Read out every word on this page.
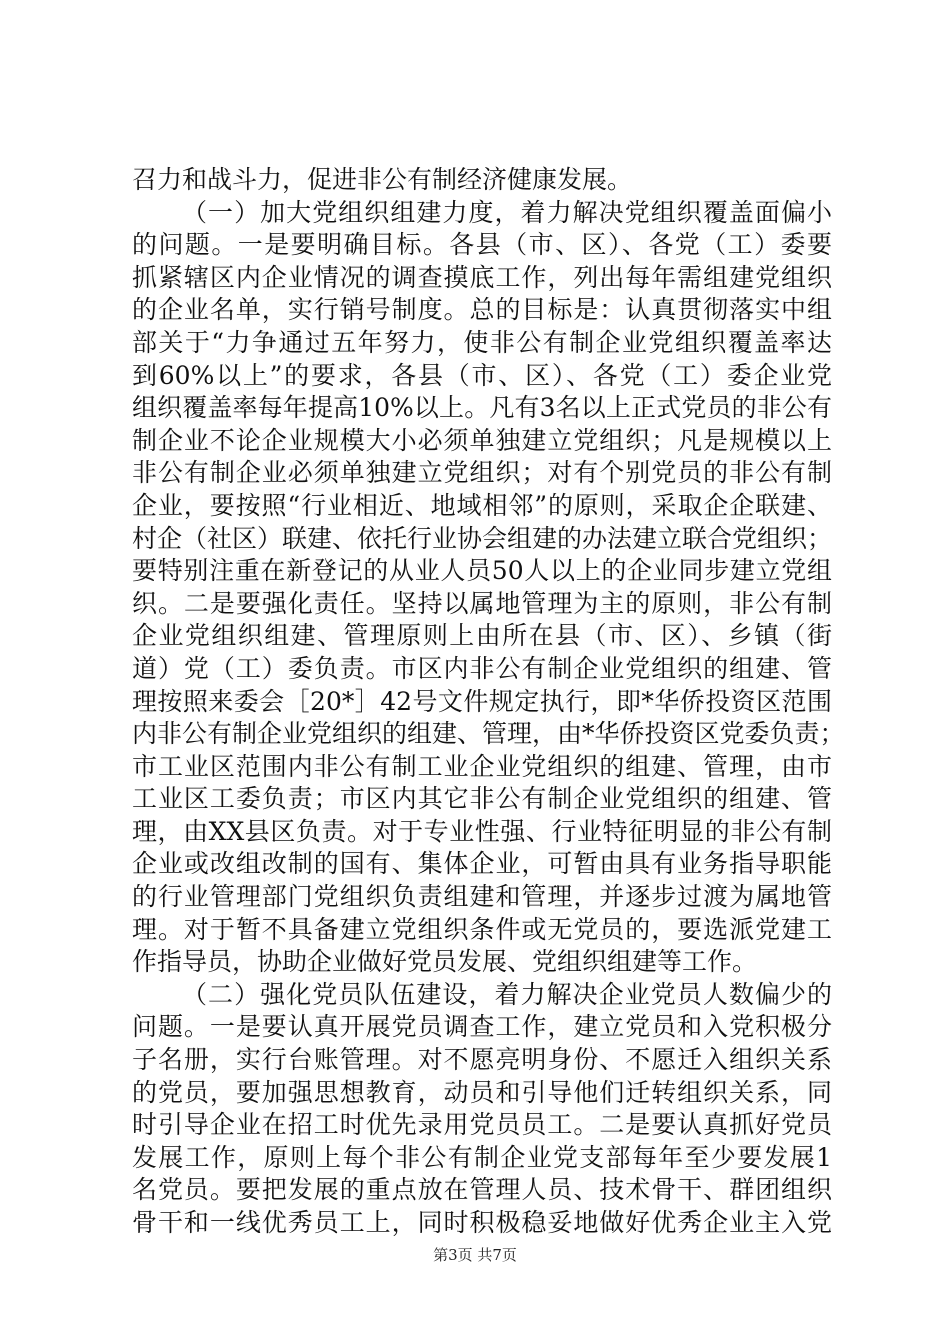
召力和战斗力，促进非公有制经济健康发展。
（一）加大党组织组建力度，着力解决党组织覆盖面偏小
的问题。一是要明确目标。各县（市、区）、各党（工）委要
抓紧辖区内企业情况的调查摸底工作，列出每年需组建党组织
的企业名单，实行销号制度。总的目标是：认真贯彻落实中组
部关于“力争通过五年努力，使非公有制企业党组织覆盖率达
到60%以上”的要求，各县（市、区）、各党（工）委企业党
组织覆盖率每年提高10%以上。凡有3名以上正式党员的非公有
制企业不论企业规模大小必须单独建立党组织；凡是规模以上
非公有制企业必须单独建立党组织；对有个别党员的非公有制
企业，要按照“行业相近、地域相邻”的原则，采取企企联建、
村企（社区）联建、依托行业协会组建的办法建立联合党组织；
要特别注重在新登记的从业人员50人以上的企业同步建立党组
织。二是要强化责任。坚持以属地管理为主的原则，非公有制
企业党组织组建、管理原则上由所在县（市、区）、乡镇（街
道）党（工）委负责。市区内非公有制企业党组织的组建、管
理按照来委会［20*］42号文件规定执行，即*华侨投资区范围
内非公有制企业党组织的组建、管理，由*华侨投资区党委负责；
市工业区范围内非公有制工业企业党组织的组建、管理，由市
工业区工委负责；市区内其它非公有制企业党组织的组建、管
理，由XX县区负责。对于专业性强、行业特征明显的非公有制
企业或改组改制的国有、集体企业，可暂由具有业务指导职能
的行业管理部门党组织负责组建和管理，并逐步过渡为属地管
理。对于暂不具备建立党组织条件或无党员的，要选派党建工
作指导员，协助企业做好党员发展、党组织组建等工作。
（二）强化党员队伍建设，着力解决企业党员人数偏少的
问题。一是要认真开展党员调查工作，建立党员和入党积极分
子名册，实行台账管理。对不愿亮明身份、不愿迁入组织关系
的党员，要加强思想教育，动员和引导他们迁转组织关系，同
时引导企业在招工时优先录用党员员工。二是要认真抓好党员
发展工作，原则上每个非公有制企业党支部每年至少要发展1
名党员。要把发展的重点放在管理人员、技术骨干、群团组织
骨干和一线优秀员工上，同时积极稳妥地做好优秀企业主入党
第3页 共7页
